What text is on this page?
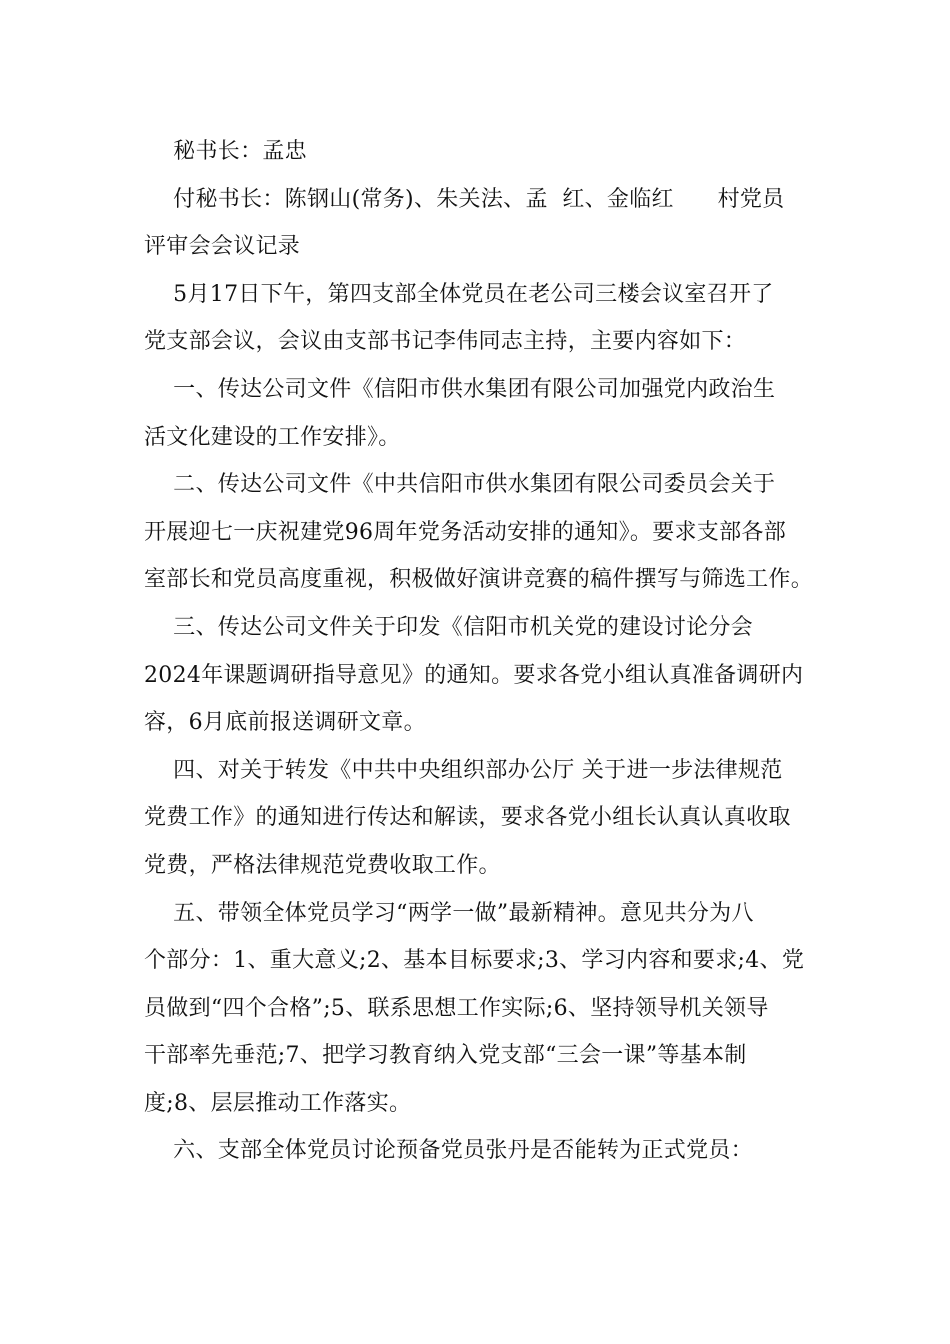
秘书长：孟忠
付秘书长：陈钢山(常务)、朱关法、孟  红、金临红      村党员
评审会会议记录
5月17日下午，第四支部全体党员在老公司三楼会议室召开了
党支部会议，会议由支部书记李伟同志主持，主要内容如下：
一、传达公司文件《信阳市供水集团有限公司加强党内政治生
活文化建设的工作安排》。
二、传达公司文件《中共信阳市供水集团有限公司委员会关于
开展迎七一庆祝建党96周年党务活动安排的通知》。要求支部各部
室部长和党员高度重视，积极做好演讲竞赛的稿件撰写与筛选工作。
三、传达公司文件关于印发《信阳市机关党的建设讨论分会
2024年课题调研指导意见》的通知。要求各党小组认真准备调研内
容，6月底前报送调研文章。
四、对关于转发《中共中央组织部办公厅 关于进一步法律规范
党费工作》的通知进行传达和解读，要求各党小组长认真认真收取
党费，严格法律规范党费收取工作。
五、带领全体党员学习“两学一做”最新精神。意见共分为八
个部分：1、重大意义;2、基本目标要求;3、学习内容和要求;4、党
员做到“四个合格”;5、联系思想工作实际;6、坚持领导机关领导
干部率先垂范;7、把学习教育纳入党支部“三会一课”等基本制
度;8、层层推动工作落实。
六、支部全体党员讨论预备党员张丹是否能转为正式党员：
